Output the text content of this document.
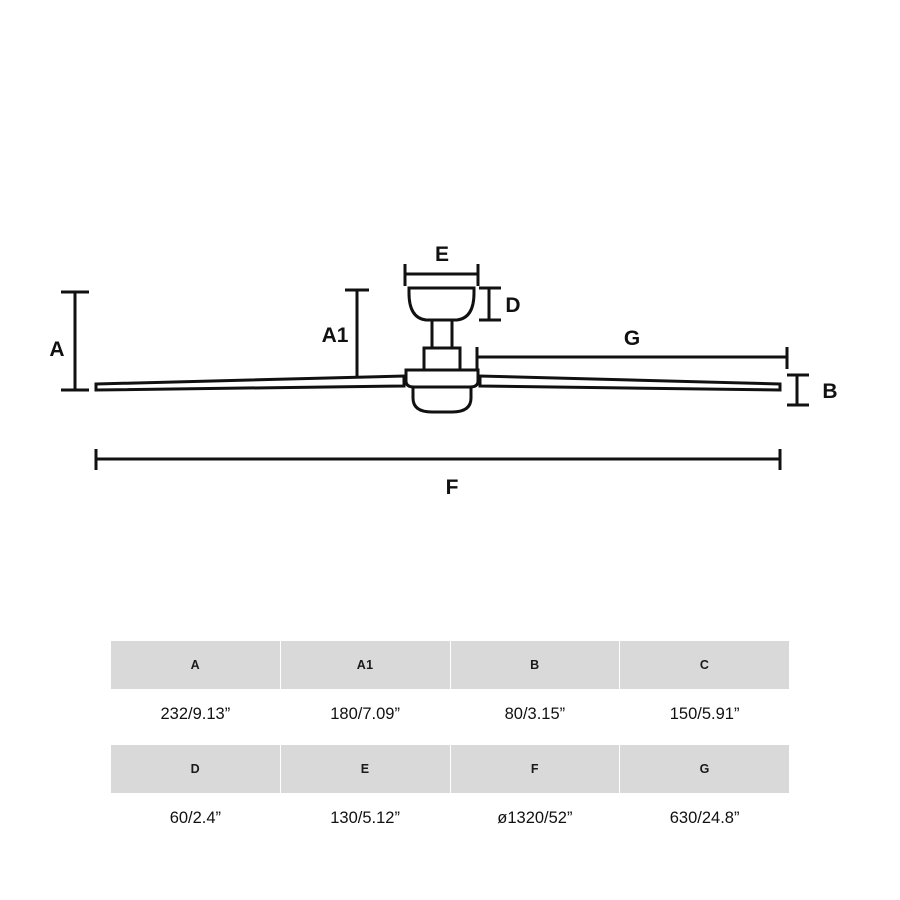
A
A1
E
D
G
B
F
A	A1	B	C
232/9.13”	180/7.09”	80/3.15”	150/5.91”

D	E	F	G
60/2.4”	130/5.12”	ø1320/52”	630/24.8”
